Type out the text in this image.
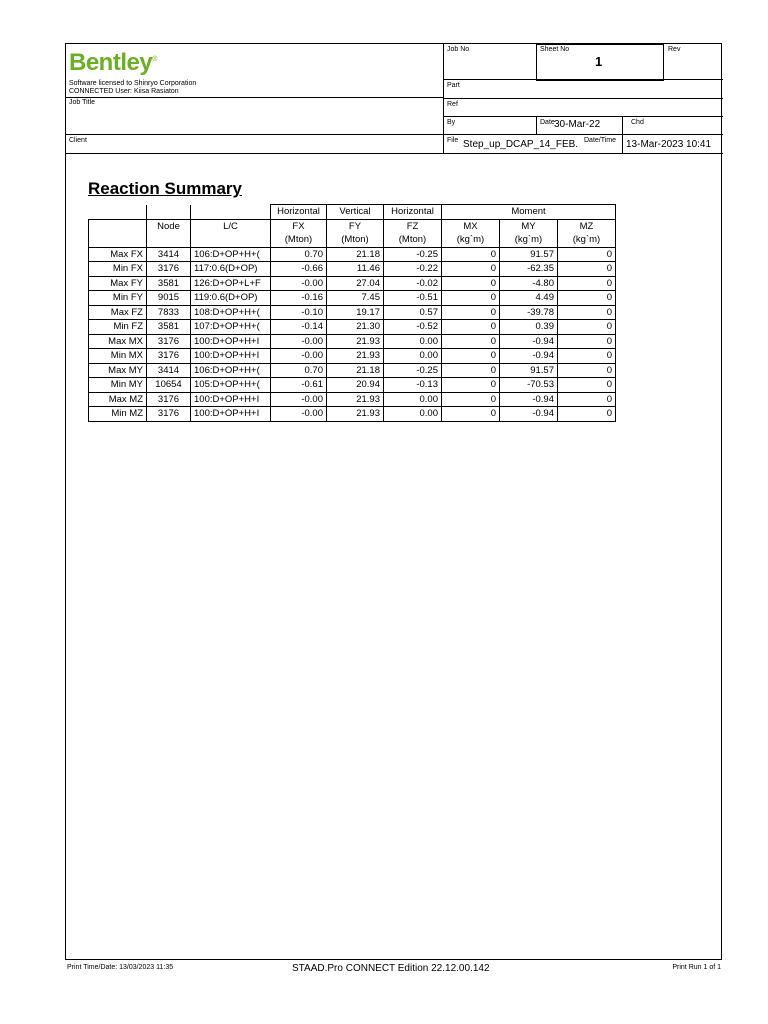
Bentley®
Software licensed to Shinryo Corporation
CONNECTED User: Kiisa Rasiaton
Job Title
Client
Job No	Sheet No
1
Rev
Part
Ref
By	Date 30-Mar-22	Chd
File Step_up_DCAP_14_FEB. Date/Time 13-Mar-2023 10:41
Reaction Summary
			Horizontal	Vertical	Horizontal	Moment		
	Node	L/C	FX	FY	FZ	MX	MY	MZ
			(Mton)	(Mton)	(Mton)	(kg`m)	(kg`m)	(kg`m)
Max FX	3414	106:D+OP+H+(	0.70	21.18	-0.25	0	91.57	0
Min FX	3176	117:0.6(D+OP)	-0.66	11.46	-0.22	0	-62.35	0
Max FY	3581	126:D+OP+L+F	-0.00	27.04	-0.02	0	-4.80	0
Min FY	9015	119:0.6(D+OP)	-0.16	7.45	-0.51	0	4.49	0
Max FZ	7833	108:D+OP+H+(	-0.10	19.17	0.57	0	-39.78	0
Min FZ	3581	107:D+OP+H+(	-0.14	21.30	-0.52	0	0.39	0
Max MX	3176	100:D+OP+H+I	-0.00	21.93	0.00	0	-0.94	0
Min MX	3176	100:D+OP+H+I	-0.00	21.93	0.00	0	-0.94	0
Max MY	3414	106:D+OP+H+(	0.70	21.18	-0.25	0	91.57	0
Min MY	10654	105:D+OP+H+(	-0.61	20.94	-0.13	0	-70.53	0
Max MZ	3176	100:D+OP+H+I	-0.00	21.93	0.00	0	-0.94	0
Min MZ	3176	100:D+OP+H+I	-0.00	21.93	0.00	0	-0.94	0
Print Time/Date: 13/03/2023 11:35	STAAD.Pro CONNECT Edition 22.12.00.142	Print Run 1 of 1
